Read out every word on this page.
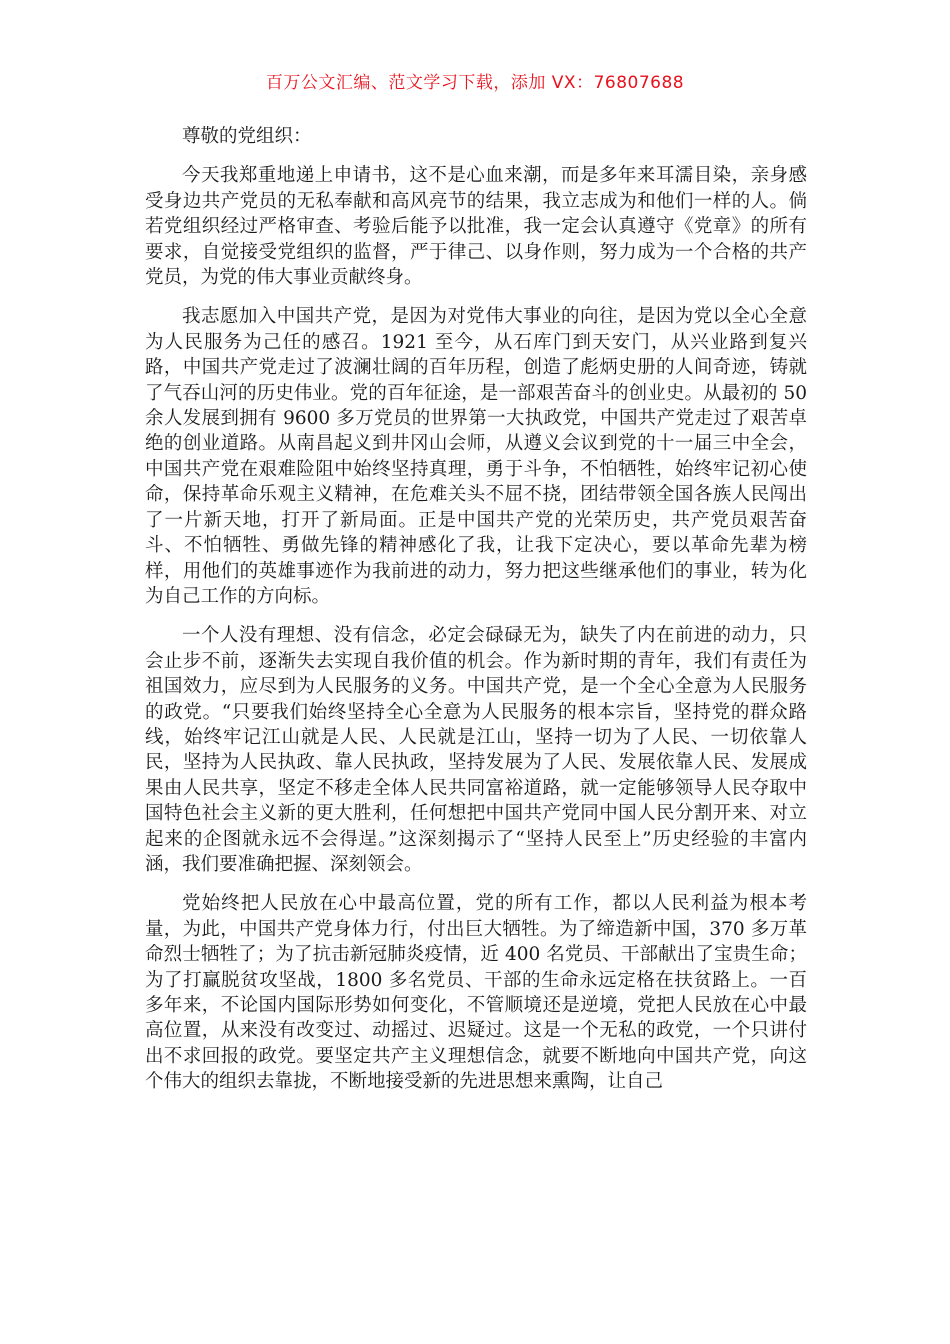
百万公文汇编、范文学习下载，添加 VX：76807688

尊敬的党组织：

今天我郑重地递上申请书，这不是心血来潮，而是多年来耳濡目染，亲身感受身边共产党员的无私奉献和高风亮节的结果，我立志成为和他们一样的人。倘若党组织经过严格审查、考验后能予以批准，我一定会认真遵守《党章》的所有要求，自觉接受党组织的监督，严于律己、以身作则，努力成为一个合格的共产党员，为党的伟大事业贡献终身。

我志愿加入中国共产党，是因为对党伟大事业的向往，是因为党以全心全意为人民服务为己任的感召。1921 至今，从石库门到天安门，从兴业路到复兴路，中国共产党走过了波澜壮阔的百年历程，创造了彪炳史册的人间奇迹，铸就了气吞山河的历史伟业。党的百年征途，是一部艰苦奋斗的创业史。从最初的 50 余人发展到拥有 9600 多万党员的世界第一大执政党，中国共产党走过了艰苦卓绝的创业道路。从南昌起义到井冈山会师，从遵义会议到党的十一届三中全会，中国共产党在艰难险阻中始终坚持真理，勇于斗争，不怕牺牲，始终牢记初心使命，保持革命乐观主义精神，在危难关头不屈不挠，团结带领全国各族人民闯出了一片新天地，打开了新局面。正是中国共产党的光荣历史，共产党员艰苦奋斗、不怕牺牲、勇做先锋的精神感化了我，让我下定决心，要以革命先辈为榜样，用他们的英雄事迹作为我前进的动力，努力把这些继承他们的事业，转为化为自己工作的方向标。

一个人没有理想、没有信念，必定会碌碌无为，缺失了内在前进的动力，只会止步不前，逐渐失去实现自我价值的机会。作为新时期的青年，我们有责任为祖国效力，应尽到为人民服务的义务。中国共产党，是一个全心全意为人民服务的政党。“只要我们始终坚持全心全意为人民服务的根本宗旨，坚持党的群众路线，始终牢记江山就是人民、人民就是江山，坚持一切为了人民、一切依靠人民，坚持为人民执政、靠人民执政，坚持发展为了人民、发展依靠人民、发展成果由人民共享，坚定不移走全体人民共同富裕道路，就一定能够领导人民夺取中国特色社会主义新的更大胜利，任何想把中国共产党同中国人民分割开来、对立起来的企图就永远不会得逞。”这深刻揭示了“坚持人民至上”历史经验的丰富内涵，我们要准确把握、深刻领会。

党始终把人民放在心中最高位置，党的所有工作，都以人民利益为根本考量，为此，中国共产党身体力行，付出巨大牺牲。为了缔造新中国，370 多万革命烈士牺牲了；为了抗击新冠肺炎疫情，近 400 名党员、干部献出了宝贵生命；为了打赢脱贫攻坚战，1800 多名党员、干部的生命永远定格在扶贫路上。一百多年来，不论国内国际形势如何变化，不管顺境还是逆境，党把人民放在心中最高位置，从来没有改变过、动摇过、迟疑过。这是一个无私的政党，一个只讲付出不求回报的政党。要坚定共产主义理想信念，就要不断地向中国共产党，向这个伟大的组织去靠拢，不断地接受新的先进思想来熏陶，让自己
